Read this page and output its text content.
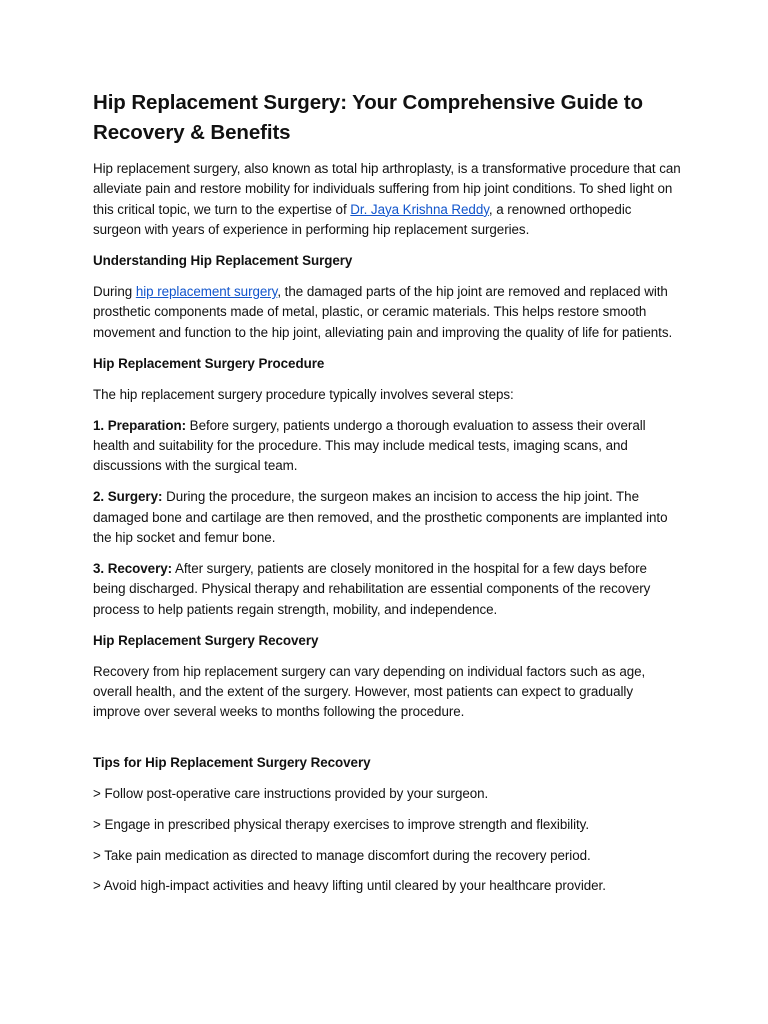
Hip Replacement Surgery: Your Comprehensive Guide to Recovery & Benefits

Hip replacement surgery, also known as total hip arthroplasty, is a transformative procedure that can alleviate pain and restore mobility for individuals suffering from hip joint conditions. To shed light on this critical topic, we turn to the expertise of Dr. Jaya Krishna Reddy, a renowned orthopedic surgeon with years of experience in performing hip replacement surgeries.

Understanding Hip Replacement Surgery

During hip replacement surgery, the damaged parts of the hip joint are removed and replaced with prosthetic components made of metal, plastic, or ceramic materials. This helps restore smooth movement and function to the hip joint, alleviating pain and improving the quality of life for patients.

Hip Replacement Surgery Procedure

The hip replacement surgery procedure typically involves several steps:

1. Preparation: Before surgery, patients undergo a thorough evaluation to assess their overall health and suitability for the procedure. This may include medical tests, imaging scans, and discussions with the surgical team.

2. Surgery: During the procedure, the surgeon makes an incision to access the hip joint. The damaged bone and cartilage are then removed, and the prosthetic components are implanted into the hip socket and femur bone.

3. Recovery: After surgery, patients are closely monitored in the hospital for a few days before being discharged. Physical therapy and rehabilitation are essential components of the recovery process to help patients regain strength, mobility, and independence.

Hip Replacement Surgery Recovery

Recovery from hip replacement surgery can vary depending on individual factors such as age, overall health, and the extent of the surgery. However, most patients can expect to gradually improve over several weeks to months following the procedure.

Tips for Hip Replacement Surgery Recovery

> Follow post-operative care instructions provided by your surgeon.

> Engage in prescribed physical therapy exercises to improve strength and flexibility.

> Take pain medication as directed to manage discomfort during the recovery period.

> Avoid high-impact activities and heavy lifting until cleared by your healthcare provider.
